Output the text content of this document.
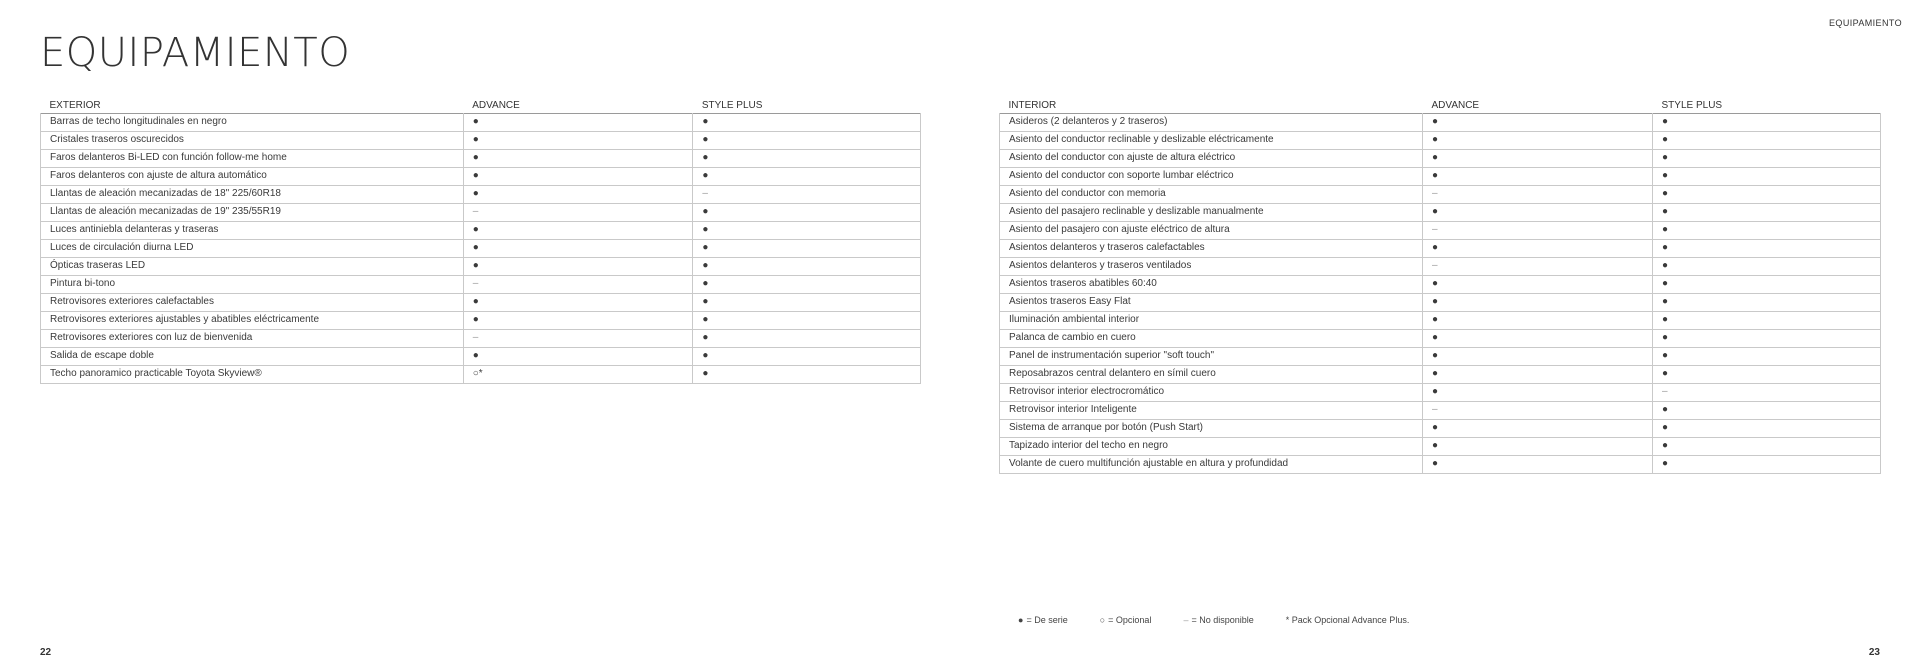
EQUIPAMIENTO
EQUIPAMIENTO
EXTERIOR	ADVANCE	STYLE PLUS
Barras de techo longitudinales en negro	●	●
Cristales traseros oscurecidos	●	●
Faros delanteros Bi-LED con función follow-me home	●	●
Faros delanteros con ajuste de altura automático	●	●
Llantas de aleación mecanizadas de 18" 225/60R18	●	–
Llantas de aleación mecanizadas de 19" 235/55R19	–	●
Luces antiniebla delanteras y traseras	●	●
Luces de circulación diurna LED	●	●
Ópticas traseras LED	●	●
Pintura bi-tono	–	●
Retrovisores exteriores calefactables	●	●
Retrovisores exteriores ajustables y abatibles eléctricamente	●	●
Retrovisores exteriores con luz de bienvenida	–	●
Salida de escape doble	●	●
Techo panoramico practicable Toyota Skyview®	○*	●
INTERIOR	ADVANCE	STYLE PLUS
Asideros (2 delanteros y 2 traseros)	●	●
Asiento del conductor reclinable y deslizable eléctricamente	●	●
Asiento del conductor con ajuste de altura eléctrico	●	●
Asiento del conductor con soporte lumbar eléctrico	●	●
Asiento del conductor con memoria	–	●
Asiento del pasajero reclinable y deslizable manualmente	●	●
Asiento del pasajero con ajuste eléctrico de altura	–	●
Asientos delanteros y traseros calefactables	●	●
Asientos delanteros y traseros ventilados	–	●
Asientos traseros abatibles 60:40	●	●
Asientos traseros Easy Flat	●	●
Iluminación ambiental interior	●	●
Palanca de cambio en cuero	●	●
Panel de instrumentación superior "soft touch"	●	●
Reposabrazos central delantero en símil cuero	●	●
Retrovisor interior electrocromático	●	–
Retrovisor interior Inteligente	–	●
Sistema de arranque por botón (Push Start)	●	●
Tapizado interior del techo en negro	●	●
Volante de cuero multifunción ajustable en altura y profundidad	●	●
● = De serie	○ = Opcional	– = No disponible	* Pack Opcional Advance Plus.
22	23
